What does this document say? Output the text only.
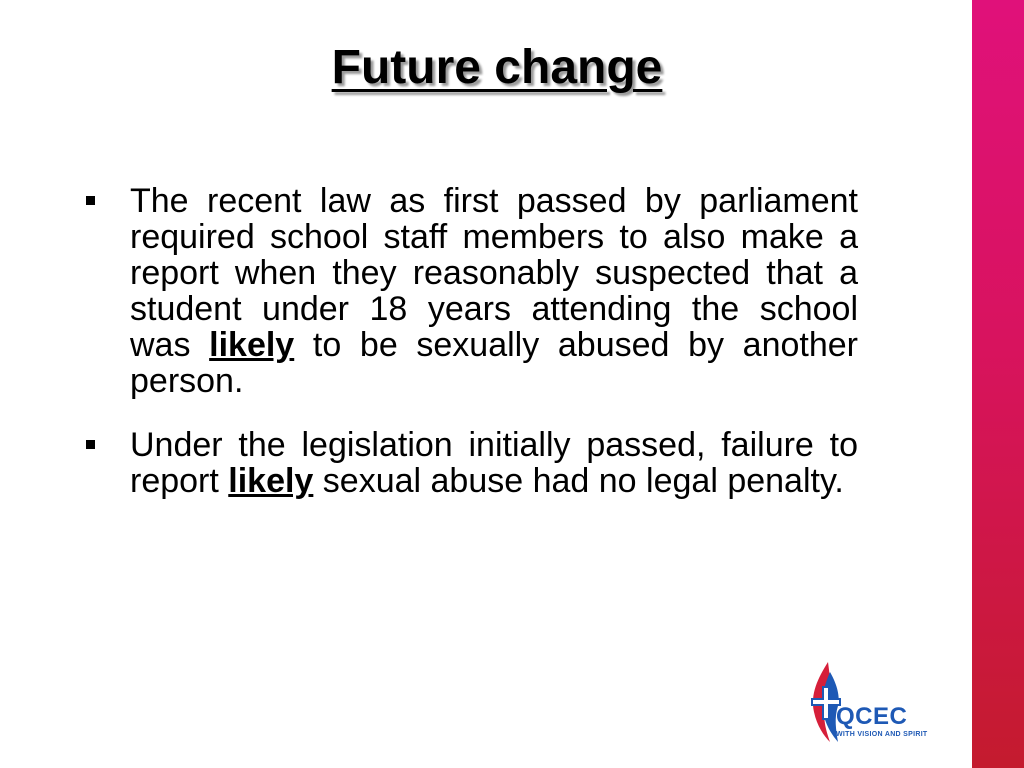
Future change
The recent law as first passed by parliament required school staff members to also make a report when they reasonably suspected that a student under 18 years attending the school was likely to be sexually abused by another person.
Under the legislation initially passed, failure to report likely sexual abuse had no legal penalty.
QCEC
WITH VISION AND SPIRIT
